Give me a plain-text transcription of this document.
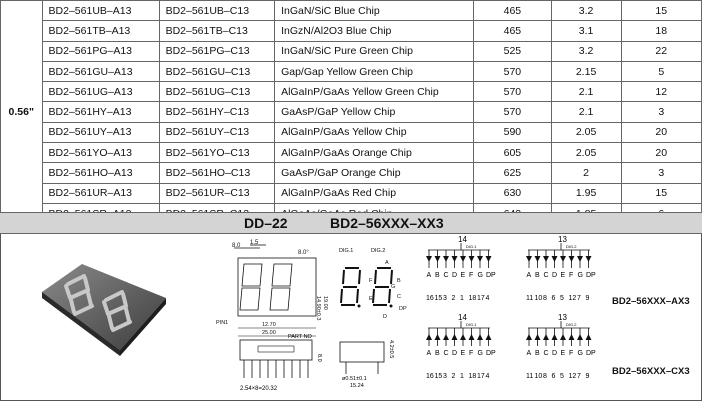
0.56"	BD2–561UB–A13	BD2–561UB–C13	InGaN/SiC Blue Chip	465	3.2	15
	BD2–561TB–A13	BD2–561TB–C13	InGzN/Al2O3 Blue Chip	465	3.1	18
	BD2–561PG–A13	BD2–561PG–C13	InGaN/SiC Pure Green Chip	525	3.2	22
	BD2–561GU–A13	BD2–561GU–C13	Gap/Gap Yellow Green Chip	570	2.15	5
	BD2–561UG–A13	BD2–561UG–C13	AlGaInP/GaAs Yellow Green Chip	570	2.1	12
	BD2–561HY–A13	BD2–561HY–C13	GaAsP/GaP Yellow Chip	570	2.1	3
	BD2–561UY–A13	BD2–561UY–C13	AlGaInP/GaAs Yellow Chip	590	2.05	20
	BD2–561YO–A13	BD2–561YO–C13	AlGaInP/GaAs Orange Chip	605	2.05	20
	BD2–561HO–A13	BD2–561HO–C13	GaAsP/GaP Orange Chip	625	2	3
	BD2–561UR–A13	BD2–561UR–C13	AlGaInP/GaAs Red Chip	630	1.95	15

DD–22	BD2–56XXX–XX3
8.0 1.5
8.0°
14.90±0.3 19.00
12.70
25.00
PIN1
PART NO
8.0
2.54×8=20.32
DIG.1	DIG.2
A
B
C
D
E
F
G
DP
ø0.51±0.1
15.24
4.2±0.5
14
DIG.1
A
16
B
15
C
3
D
2
E
1
F
18
G
17
DP
4
13
DIG.2
A
11
B
10
C
8
D
6
E
5
F
12
G
7
DP
9
14
DIG.1
A
16
B
15
C
3
D
2
E
1
F
18
G
17
DP
4
13
DIG.2
A
11
B
10
C
8
D
6
E
5
F
12
G
7
DP
9
BD2–56XXX–AX3
BD2–56XXX–CX3
